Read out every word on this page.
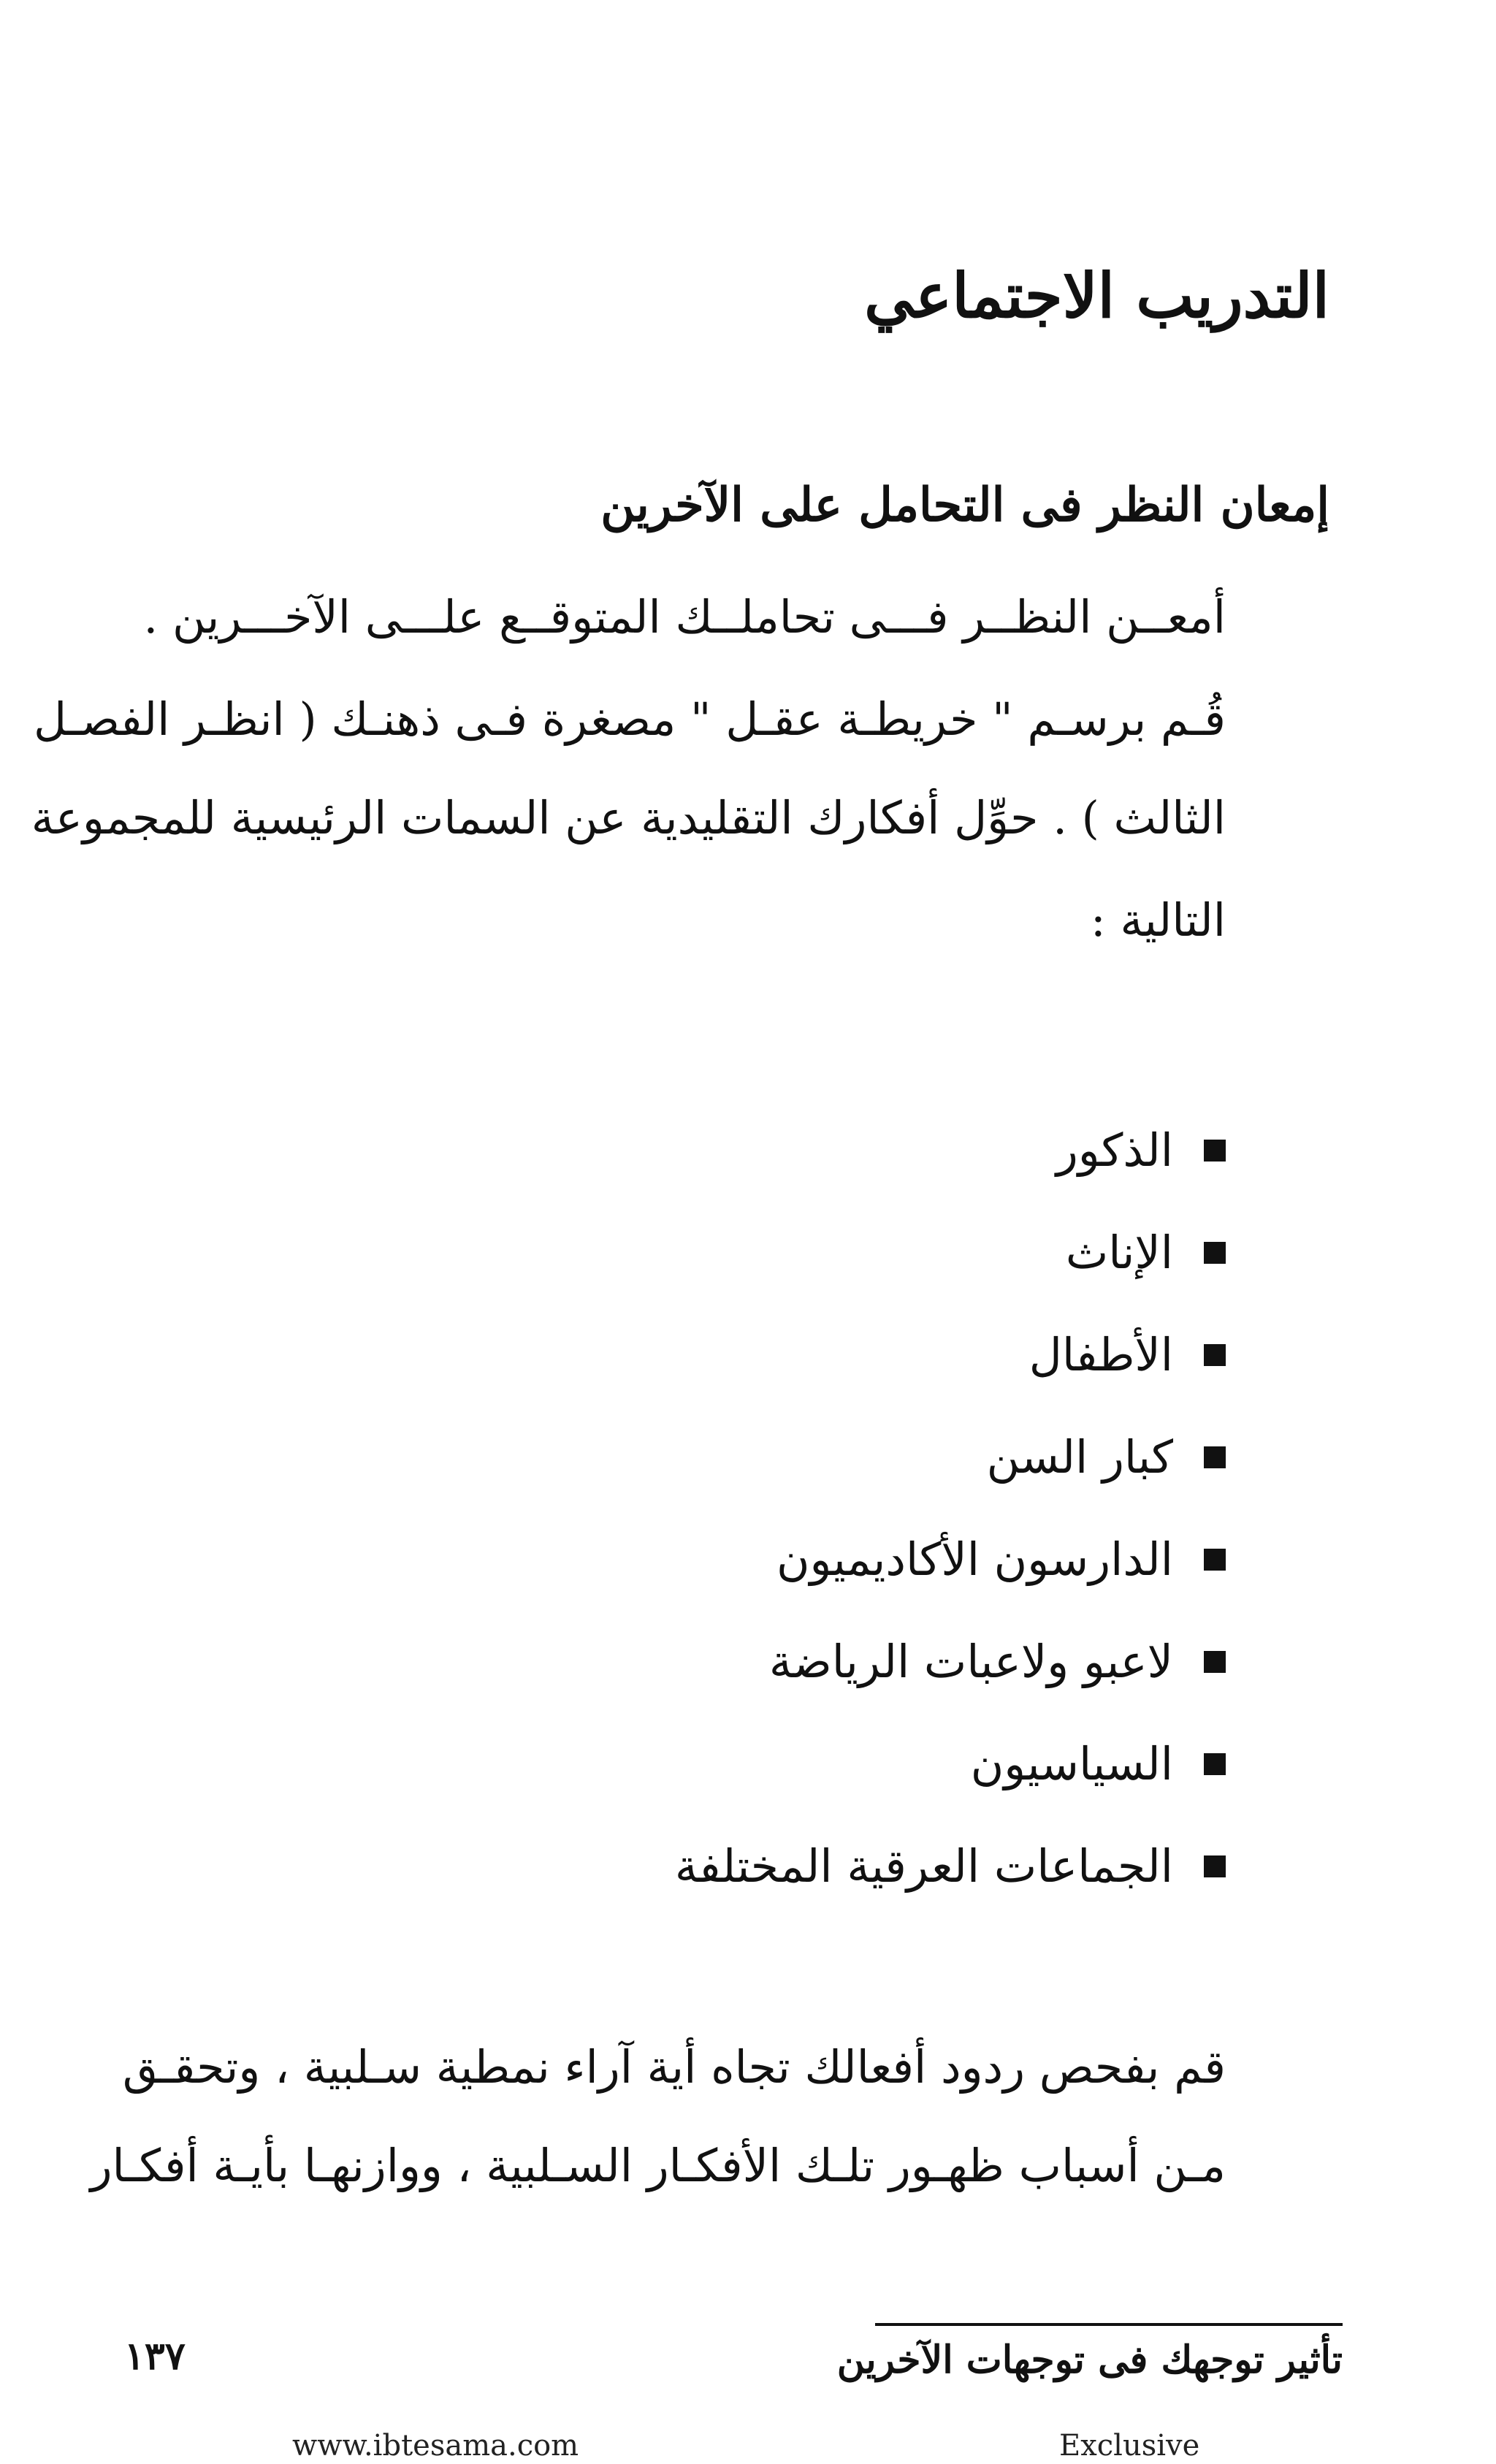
التدريب الاجتماعي
إمعان النظر فى التحامل على الآخرين
أمعــن النظــر فـــى تحاملــك المتوقــع علـــى الآخـــرين .
قُـم برسـم " خريطـة عقـل " مصغرة فـى ذهنـك ( انظـر الفصـل
الثالث ) . حوِّل أفكارك التقليدية عن السمات الرئيسية للمجموعة
التالية :
الذكور
الإناث
الأطفال
كبار السن
الدارسون الأكاديميون
لاعبو ولاعبات الرياضة
السياسيون
الجماعات العرقية المختلفة
قم بفحص ردود أفعالك تجاه أية آراء نمطية سـلبية ، وتحقـق
مـن أسباب ظهـور تلـك الأفكـار السـلبية ، ووازنهـا بأيـة أفكـار
تأثير توجهك فى توجهات الآخرين
١٣٧
www.ibtesama.com	Exclusive
